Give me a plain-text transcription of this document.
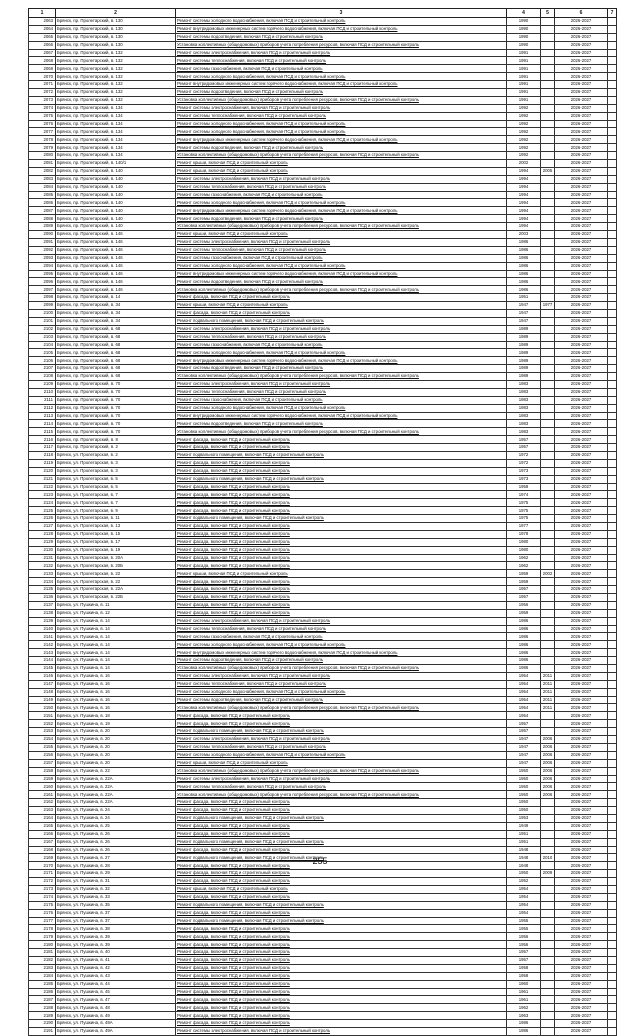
1	2	3	4	5	6	7
2063	Брянск, пр. Пролетарский, в. 130	Ремонт системы холодного водоснабжения, включая ПСД и строительный контроль	1990		2026-2027	
2064	Брянск, пр. Пролетарский, в. 130	Ремонт внутридомовых инженерных систем горячего водоснабжения, включая ПСД и строительный контроль	1990		2026-2027	
2065	Брянск, пр. Пролетарский, в. 130	Ремонт системы водоотведения, включая ПСД и строительный контроль	1990		2026-2027	
2066	Брянск, пр. Пролетарский, в. 130	Установка коллективных (общедомовых) приборов учета потребления ресурсов, включая ПСД и строительный контроль	1990		2026-2027	
2067	Брянск, пр. Пролетарский, в. 132	Ремонт системы электроснабжения, включая ПСД и строительный контроль	1991		2026-2027	
2068	Брянск, пр. Пролетарский, в. 132	Ремонт системы теплоснабжения, включая ПСД и строительный контроль	1991		2026-2027	
2069	Брянск, пр. Пролетарский, в. 132	Ремонт системы газоснабжения, включая ПСД и строительный контроль	1991		2026-2027	
2070	Брянск, пр. Пролетарский, в. 132	Ремонт системы холодного водоснабжения, включая ПСД и строительный контроль	1991		2026-2027	
2071	Брянск, пр. Пролетарский, в. 132	Ремонт внутридомовых инженерных систем горячего водоснабжения, включая ПСД и строительный контроль	1991		2026-2027	
2072	Брянск, пр. Пролетарский, в. 132	Ремонт системы водоотведения, включая ПСД и строительный контроль	1991		2026-2027	
2073	Брянск, пр. Пролетарский, в. 132	Установка коллективных (общедомовых) приборов учета потребления ресурсов, включая ПСД и строительный контроль	1991		2026-2027	
2074	Брянск, пр. Пролетарский, в. 134	Ремонт системы электроснабжения, включая ПСД и строительный контроль	1992		2026-2027	
2075	Брянск, пр. Пролетарский, в. 134	Ремонт системы теплоснабжения, включая ПСД и строительный контроль	1992		2026-2027	
2076	Брянск, пр. Пролетарский, в. 134	Ремонт системы холодного водоснабжения, включая ПСД и строительный контроль	1992		2026-2027	
2077	Брянск, пр. Пролетарский, в. 134	Ремонт системы холодного водоснабжения, включая ПСД и строительный контроль	1992		2026-2027	
2078	Брянск, пр. Пролетарский, в. 134	Ремонт внутридомовых инженерных систем горячего водоснабжения, включая ПСД и строительный контроль	1992		2026-2027	
2079	Брянск, пр. Пролетарский, в. 134	Ремонт системы водоотведения, включая ПСД и строительный контроль	1992		2026-2027	
2080	Брянск, пр. Пролетарский, в. 134	Установка коллективных (общедомовых) приборов учета потребления ресурсов, включая ПСД и строительный контроль	1992		2026-2027	
2081	Брянск, пр. Пролетарский, в. 140/1	Ремонт крыши, включая ПСД и строительный контроль	2002		2026-2027	
2082	Брянск, пр. Пролетарский, в. 140	Ремонт крыши, включая ПСД и строительный контроль	1994	2005	2026-2027	
2083	Брянск, пр. Пролетарский, в. 140	Ремонт системы электроснабжения, включая ПСД и строительный контроль	1994		2026-2027	
2084	Брянск, пр. Пролетарский, в. 140	Ремонт системы теплоснабжения, включая ПСД и строительный контроль	1994		2026-2027	
2085	Брянск, пр. Пролетарский, в. 140	Ремонт системы газоснабжения, включая ПСД и строительный контроль	1994		2026-2027	
2086	Брянск, пр. Пролетарский, в. 140	Ремонт системы холодного водоснабжения, включая ПСД и строительный контроль	1994		2026-2027	
2087	Брянск, пр. Пролетарский, в. 140	Ремонт внутридомовых инженерных систем горячего водоснабжения, включая ПСД и строительный контроль	1994		2026-2027	
2088	Брянск, пр. Пролетарский, в. 140	Ремонт системы водоотведения, включая ПСД и строительный контроль	1994		2026-2027	
2089	Брянск, пр. Пролетарский, в. 140	Установка коллективных (общедомовых) приборов учета потребления ресурсов, включая ПСД и строительный контроль	1994		2026-2027	
2090	Брянск, пр. Пролетарский, в. 146	Ремонт крыши, включая ПСД и строительный контроль	2003		2026-2027	
2091	Брянск, пр. Пролетарский, в. 146	Ремонт системы электроснабжения, включая ПСД и строительный контроль	1986		2026-2027	
2092	Брянск, пр. Пролетарский, в. 146	Ремонт системы теплоснабжения, включая ПСД и строительный контроль	1986		2026-2027	
2093	Брянск, пр. Пролетарский, в. 146	Ремонт системы газоснабжения, включая ПСД и строительный контроль	1986		2026-2027	
2094	Брянск, пр. Пролетарский, в. 146	Ремонт системы холодного водоснабжения, включая ПСД и строительный контроль	1986		2026-2027	
2095	Брянск, пр. Пролетарский, в. 146	Ремонт внутридомовых инженерных систем горячего водоснабжения, включая ПСД и строительный контроль	1986		2026-2027	
2096	Брянск, пр. Пролетарский, в. 146	Ремонт системы водоотведения, включая ПСД и строительный контроль	1986		2026-2027	
2097	Брянск, пр. Пролетарский, в. 146	Установка коллективных (общедомовых) приборов учета потребления ресурсов, включая ПСД и строительный контроль	1986		2026-2027	
2098	Брянск, пр. Пролетарский, в. 14	Ремонт фасада, включая ПСД и строительный контроль	1951		2026-2027	
2099	Брянск, пр. Пролетарский, в. 34	Ремонт крыши, включая ПСД и строительный контроль	1947	1977	2026-2027	
2100	Брянск, пр. Пролетарский, в. 34	Ремонт фасада, включая ПСД и строительный контроль	1947		2026-2027	
2101	Брянск, пр. Пролетарский, в. 34	Ремонт подвального помещения, включая ПСД и строительный контроль	1947		2026-2027	
2102	Брянск, пр. Пролетарский, в. 68	Ремонт системы электроснабжения, включая ПСД и строительный контроль	1989		2026-2027	
2103	Брянск, пр. Пролетарский, в. 68	Ремонт системы теплоснабжения, включая ПСД и строительный контроль	1989		2026-2027	
2104	Брянск, пр. Пролетарский, в. 68	Ремонт системы газоснабжения, включая ПСД и строительный контроль	1989		2026-2027	
2105	Брянск, пр. Пролетарский, в. 68	Ремонт системы холодного водоснабжения, включая ПСД и строительный контроль	1989		2026-2027	
2106	Брянск, пр. Пролетарский, в. 68	Ремонт внутридомовых инженерных систем горячего водоснабжения, включая ПСД и строительный контроль	1989		2026-2027	
2107	Брянск, пр. Пролетарский, в. 68	Ремонт системы водоотведения, включая ПСД и строительный контроль	1989		2026-2027	
2108	Брянск, пр. Пролетарский, в. 68	Установка коллективных (общедомовых) приборов учета потребления ресурсов, включая ПСД и строительный контроль	1989		2026-2027	
2109	Брянск, пр. Пролетарский, в. 70	Ремонт системы электроснабжения, включая ПСД и строительный контроль	1983		2026-2027	
2110	Брянск, пр. Пролетарский, в. 70	Ремонт системы теплоснабжения, включая ПСД и строительный контроль	1983		2026-2027	
2111	Брянск, пр. Пролетарский, в. 70	Ремонт системы газоснабжения, включая ПСД и строительный контроль	1983		2026-2027	
2112	Брянск, пр. Пролетарский, в. 70	Ремонт системы холодного водоснабжения, включая ПСД и строительный контроль	1983		2026-2027	
2113	Брянск, пр. Пролетарский, в. 70	Ремонт внутридомовых инженерных систем горячего водоснабжения, включая ПСД и строительный контроль	1983		2026-2027	
2114	Брянск, пр. Пролетарский, в. 70	Ремонт системы водоотведения, включая ПСД и строительный контроль	1983		2026-2027	
2115	Брянск, пр. Пролетарский, в. 70	Установка коллективных (общедомовых) приборов учета потребления ресурсов, включая ПСД и строительный контроль	1983		2026-2027	
2116	Брянск, пр. Пролетарский, в. 8	Ремонт фасада, включая ПСД и строительный контроль	1957		2026-2027	
2117	Брянск, пр. Пролетарский, в. 2	Ремонт фасада, включая ПСД и строительный контроль	1957		2026-2027	
2118	Брянск, ул. Пролетарская, в. 2	Ремонт подвального помещения, включая ПСД и строительный контроль	1972		2026-2027	
2119	Брянск, ул. Пролетарская, в. 3	Ремонт фасада, включая ПСД и строительный контроль	1972		2026-2027	
2120	Брянск, ул. Пролетарская, в. 3	Ремонт фасада, включая ПСД и строительный контроль	1973		2026-2027	
2121	Брянск, ул. Пролетарская, в. 5	Ремонт подвального помещения, включая ПСД и строительный контроль	1973		2026-2027	
2122	Брянск, ул. Пролетарская, в. 5	Ремонт фасада, включая ПСД и строительный контроль	1958		2026-2027	
2123	Брянск, ул. Пролетарская, в. 7	Ремонт фасада, включая ПСД и строительный контроль	1974		2026-2027	
2124	Брянск, ул. Пролетарская, в. 7	Ремонт фасада, включая ПСД и строительный контроль	1975		2026-2027	
2125	Брянск, ул. Пролетарская, в. 9	Ремонт фасада, включая ПСД и строительный контроль	1975		2026-2027	
2126	Брянск, ул. Пролетарская, в. 11	Ремонт подвального помещения, включая ПСД и строительный контроль	1975		2026-2027	
2127	Брянск, ул. Пролетарская, в. 13	Ремонт фасада, включая ПСД и строительный контроль	1977		2026-2027	
2128	Брянск, ул. Пролетарская, в. 15	Ремонт фасада, включая ПСД и строительный контроль	1978		2026-2027	
2129	Брянск, ул. Пролетарская, в. 17	Ремонт фасада, включая ПСД и строительный контроль	1980		2026-2027	
2130	Брянск, ул. Пролетарская, в. 19	Ремонт фасада, включая ПСД и строительный контроль	1980		2026-2027	
2131	Брянск, ул. Пролетарская, в. 20А	Ремонт фасада, включая ПСД и строительный контроль	1962		2026-2027	
2132	Брянск, ул. Пролетарская, в. 20Б	Ремонт фасада, включая ПСД и строительный контроль	1962		2026-2027	
2133	Брянск, ул. Пролетарская, в. 22	Ремонт крыши, включая ПСД и строительный контроль	1959	2002	2026-2027	
2134	Брянск, ул. Пролетарская, в. 22	Ремонт фасада, включая ПСД и строительный контроль	1959		2026-2027	
2135	Брянск, ул. Пролетарская, в. 22А	Ремонт фасада, включая ПСД и строительный контроль	1957		2026-2027	
2136	Брянск, ул. Пролетарская, в. 22Б	Ремонт фасада, включая ПСД и строительный контроль	1957		2026-2027	
2137	Брянск, ул. Пушкина, в. 11	Ремонт фасада, включая ПСД и строительный контроль	1956		2026-2027	
2138	Брянск, ул. Пушкина, в. 12	Ремонт фасада, включая ПСД и строительный контроль	1959		2026-2027	
2139	Брянск, ул. Пушкина, в. 14	Ремонт системы электроснабжения, включая ПСД и строительный контроль	1986		2026-2027	
2140	Брянск, ул. Пушкина, в. 14	Ремонт системы теплоснабжения, включая ПСД и строительный контроль	1986		2026-2027	
2141	Брянск, ул. Пушкина, в. 14	Ремонт системы газоснабжения, включая ПСД и строительный контроль	1986		2026-2027	
2142	Брянск, ул. Пушкина, в. 14	Ремонт системы холодного водоснабжения, включая ПСД и строительный контроль	1986		2026-2027	
2143	Брянск, ул. Пушкина, в. 14	Ремонт внутридомовых инженерных систем горячего водоснабжения, включая ПСД и строительный контроль	1986		2026-2027	
2144	Брянск, ул. Пушкина, в. 14	Ремонт системы водоотведения, включая ПСД и строительный контроль	1986		2026-2027	
2145	Брянск, ул. Пушкина, в. 14	Установка коллективных (общедомовых) приборов учета потребления ресурсов, включая ПСД и строительный контроль	1986		2026-2027	
2146	Брянск, ул. Пушкина, в. 16	Ремонт системы электроснабжения, включая ПСД и строительный контроль	1954	2011	2026-2027	
2147	Брянск, ул. Пушкина, в. 16	Ремонт системы теплоснабжения, включая ПСД и строительный контроль	1954	2011	2026-2027	
2148	Брянск, ул. Пушкина, в. 16	Ремонт системы холодного водоснабжения, включая ПСД и строительный контроль	1954	2011	2026-2027	
2149	Брянск, ул. Пушкина, в. 16	Ремонт системы водоотведения, включая ПСД и строительный контроль	1954	2011	2026-2027	
2150	Брянск, ул. Пушкина, в. 16	Установка коллективных (общедомовых) приборов учета потребления ресурсов, включая ПСД и строительный контроль	1954	2011	2026-2027	
2151	Брянск, ул. Пушкина, в. 18	Ремонт фасада, включая ПСД и строительный контроль	1954		2026-2027	
2152	Брянск, ул. Пушкина, в. 19	Ремонт фасада, включая ПСД и строительный контроль	1957		2026-2027	
2153	Брянск, ул. Пушкина, в. 20	Ремонт подвального помещения, включая ПСД и строительный контроль	1957		2026-2027	
2154	Брянск, ул. Пушкина, в. 20	Ремонт системы электроснабжения, включая ПСД и строительный контроль	1947	2006	2026-2027	
2155	Брянск, ул. Пушкина, в. 20	Ремонт системы теплоснабжения, включая ПСД и строительный контроль	1947	2006	2026-2027	
2156	Брянск, ул. Пушкина, в. 20	Ремонт системы холодного водоснабжения, включая ПСД и строительный контроль	1947	2006	2026-2027	
2157	Брянск, ул. Пушкина, в. 20	Ремонт крыши, включая ПСД и строительный контроль	1947	2006	2026-2027	
2158	Брянск, ул. Пушкина, в. 22	Установка коллективных (общедомовых) приборов учета потребления ресурсов, включая ПСД и строительный контроль	1950	2006	2026-2027	
2159	Брянск, ул. Пушкина, в. 22А	Ремонт системы электроснабжения, включая ПСД и строительный контроль	1950	2006	2026-2027	
2160	Брянск, ул. Пушкина, в. 22А	Ремонт системы теплоснабжения, включая ПСД и строительный контроль	1950	2006	2026-2027	
2161	Брянск, ул. Пушкина, в. 22А	Установка коллективных (общедомовых) приборов учета потребления ресурсов, включая ПСД и строительный контроль	1950	2006	2026-2027	
2162	Брянск, ул. Пушкина, в. 22А	Ремонт фасада, включая ПСД и строительный контроль	1950		2026-2027	
2163	Брянск, ул. Пушкина, в. 24	Ремонт фасада, включая ПСД и строительный контроль	1950		2026-2027	
2164	Брянск, ул. Пушкина, в. 24	Ремонт подвального помещения, включая ПСД и строительный контроль	1953		2026-2027	
2165	Брянск, ул. Пушкина, в. 25	Ремонт фасада, включая ПСД и строительный контроль	1949		2026-2027	
2166	Брянск, ул. Пушкина, в. 26	Ремонт фасада, включая ПСД и строительный контроль	1951		2026-2027	
2167	Брянск, ул. Пушкина, в. 26	Ремонт подвального помещения, включая ПСД и строительный контроль	1951		2026-2027	
2168	Брянск, ул. Пушкина, в. 26	Ремонт фасада, включая ПСД и строительный контроль	1948		2026-2027	
2169	Брянск, ул. Пушкина, в. 27	Ремонт подвального помещения, включая ПСД и строительный контроль	1948	2010	2026-2027	
2170	Брянск, ул. Пушкина, в. 28	Ремонт фасада, включая ПСД и строительный контроль	1948		2026-2027	
2171	Брянск, ул. Пушкина, в. 29	Ремонт фасада, включая ПСД и строительный контроль	1950	2009	2026-2027	
2172	Брянск, ул. Пушкина, в. 31	Ремонт фасада, включая ПСД и строительный контроль	1952		2026-2027	
2173	Брянск, ул. Пушкина, в. 32	Ремонт крыши, включая ПСД и строительный контроль	1954		2026-2027	
2174	Брянск, ул. Пушкина, в. 33	Ремонт фасада, включая ПСД и строительный контроль	1954		2026-2027	
2175	Брянск, ул. Пушкина, в. 35	Ремонт подвального помещения, включая ПСД и строительный контроль	1954		2026-2027	
2176	Брянск, ул. Пушкина, в. 37	Ремонт фасада, включая ПСД и строительный контроль	1954		2026-2027	
2177	Брянск, ул. Пушкина, в. 37	Ремонт подвального помещения, включая ПСД и строительный контроль	1955		2026-2027	
2178	Брянск, ул. Пушкина, в. 38	Ремонт фасада, включая ПСД и строительный контроль	1955		2026-2027	
2179	Брянск, ул. Пушкина, в. 39	Ремонт фасада, включая ПСД и строительный контроль	1956		2026-2027	
2180	Брянск, ул. Пушкина, в. 39	Ремонт фасада, включая ПСД и строительный контроль	1956		2026-2027	
2181	Брянск, ул. Пушкина, в. 40	Ремонт фасада, включая ПСД и строительный контроль	1957		2026-2027	
2182	Брянск, ул. Пушкина, в. 41	Ремонт фасада, включая ПСД и строительный контроль	1957		2026-2027	
2183	Брянск, ул. Пушкина, в. 42	Ремонт фасада, включая ПСД и строительный контроль	1958		2026-2027	
2184	Брянск, ул. Пушкина, в. 43	Ремонт фасада, включая ПСД и строительный контроль	1958		2026-2027	
2185	Брянск, ул. Пушкина, в. 44	Ремонт фасада, включая ПСД и строительный контроль	1960		2026-2027	
2186	Брянск, ул. Пушкина, в. 45	Ремонт фасада, включая ПСД и строительный контроль	1961		2026-2027	
2187	Брянск, ул. Пушкина, в. 47	Ремонт фасада, включая ПСД и строительный контроль	1961		2026-2027	
2188	Брянск, ул. Пушкина, в. 48	Ремонт фасада, включая ПСД и строительный контроль	1962		2026-2027	
2189	Брянск, ул. Пушкина, в. 49	Ремонт фасада, включая ПСД и строительный контроль	1963		2026-2027	
2190	Брянск, ул. Пушкина, в. 49А	Ремонт фасада, включая ПСД и строительный контроль	1986		2026-2027	
2191	Брянск, ул. Пушкина, в. 49А	Ремонт системы электроснабжения, включая ПСД и строительный контроль	1986		2026-2027	
255
